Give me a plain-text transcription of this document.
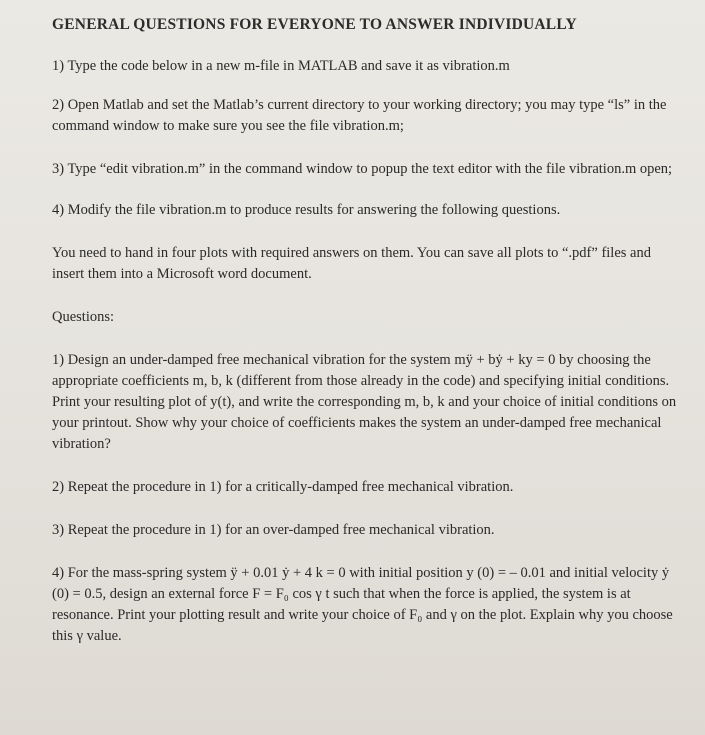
GENERAL QUESTIONS FOR EVERYONE TO ANSWER INDIVIDUALLY

1) Type the code below in a new m-file in MATLAB and save it as vibration.m

2) Open Matlab and set the Matlab’s current directory to your working directory; you may type “ls” in the command window to make sure you see the file vibration.m;

3) Type “edit vibration.m” in the command window to popup the text editor with the file vibration.m open;

4) Modify the file vibration.m to produce results for answering the following questions.

You need to hand in four plots with required answers on them. You can save all plots to “.pdf” files and insert them into a Microsoft word document.

Questions:

1) Design an under-damped free mechanical vibration for the system mÿ + bẏ + ky = 0 by choosing the appropriate coefficients m, b, k (different from those already in the code) and specifying initial conditions. Print your resulting plot of y(t), and write the corresponding m, b, k and your choice of initial conditions on your printout. Show why your choice of coefficients makes the system an under-damped free mechanical vibration?

2) Repeat the procedure in 1) for a critically-damped free mechanical vibration.

3) Repeat the procedure in 1) for an over-damped free mechanical vibration.

4) For the mass-spring system ÿ + 0.01 ẏ + 4 k = 0 with initial position y (0) = – 0.01 and initial velocity ẏ (0) = 0.5, design an external force F = F₀ cos γ t such that when the force is applied, the system is at resonance. Print your plotting result and write your choice of F₀ and γ on the plot. Explain why you choose this γ value.
